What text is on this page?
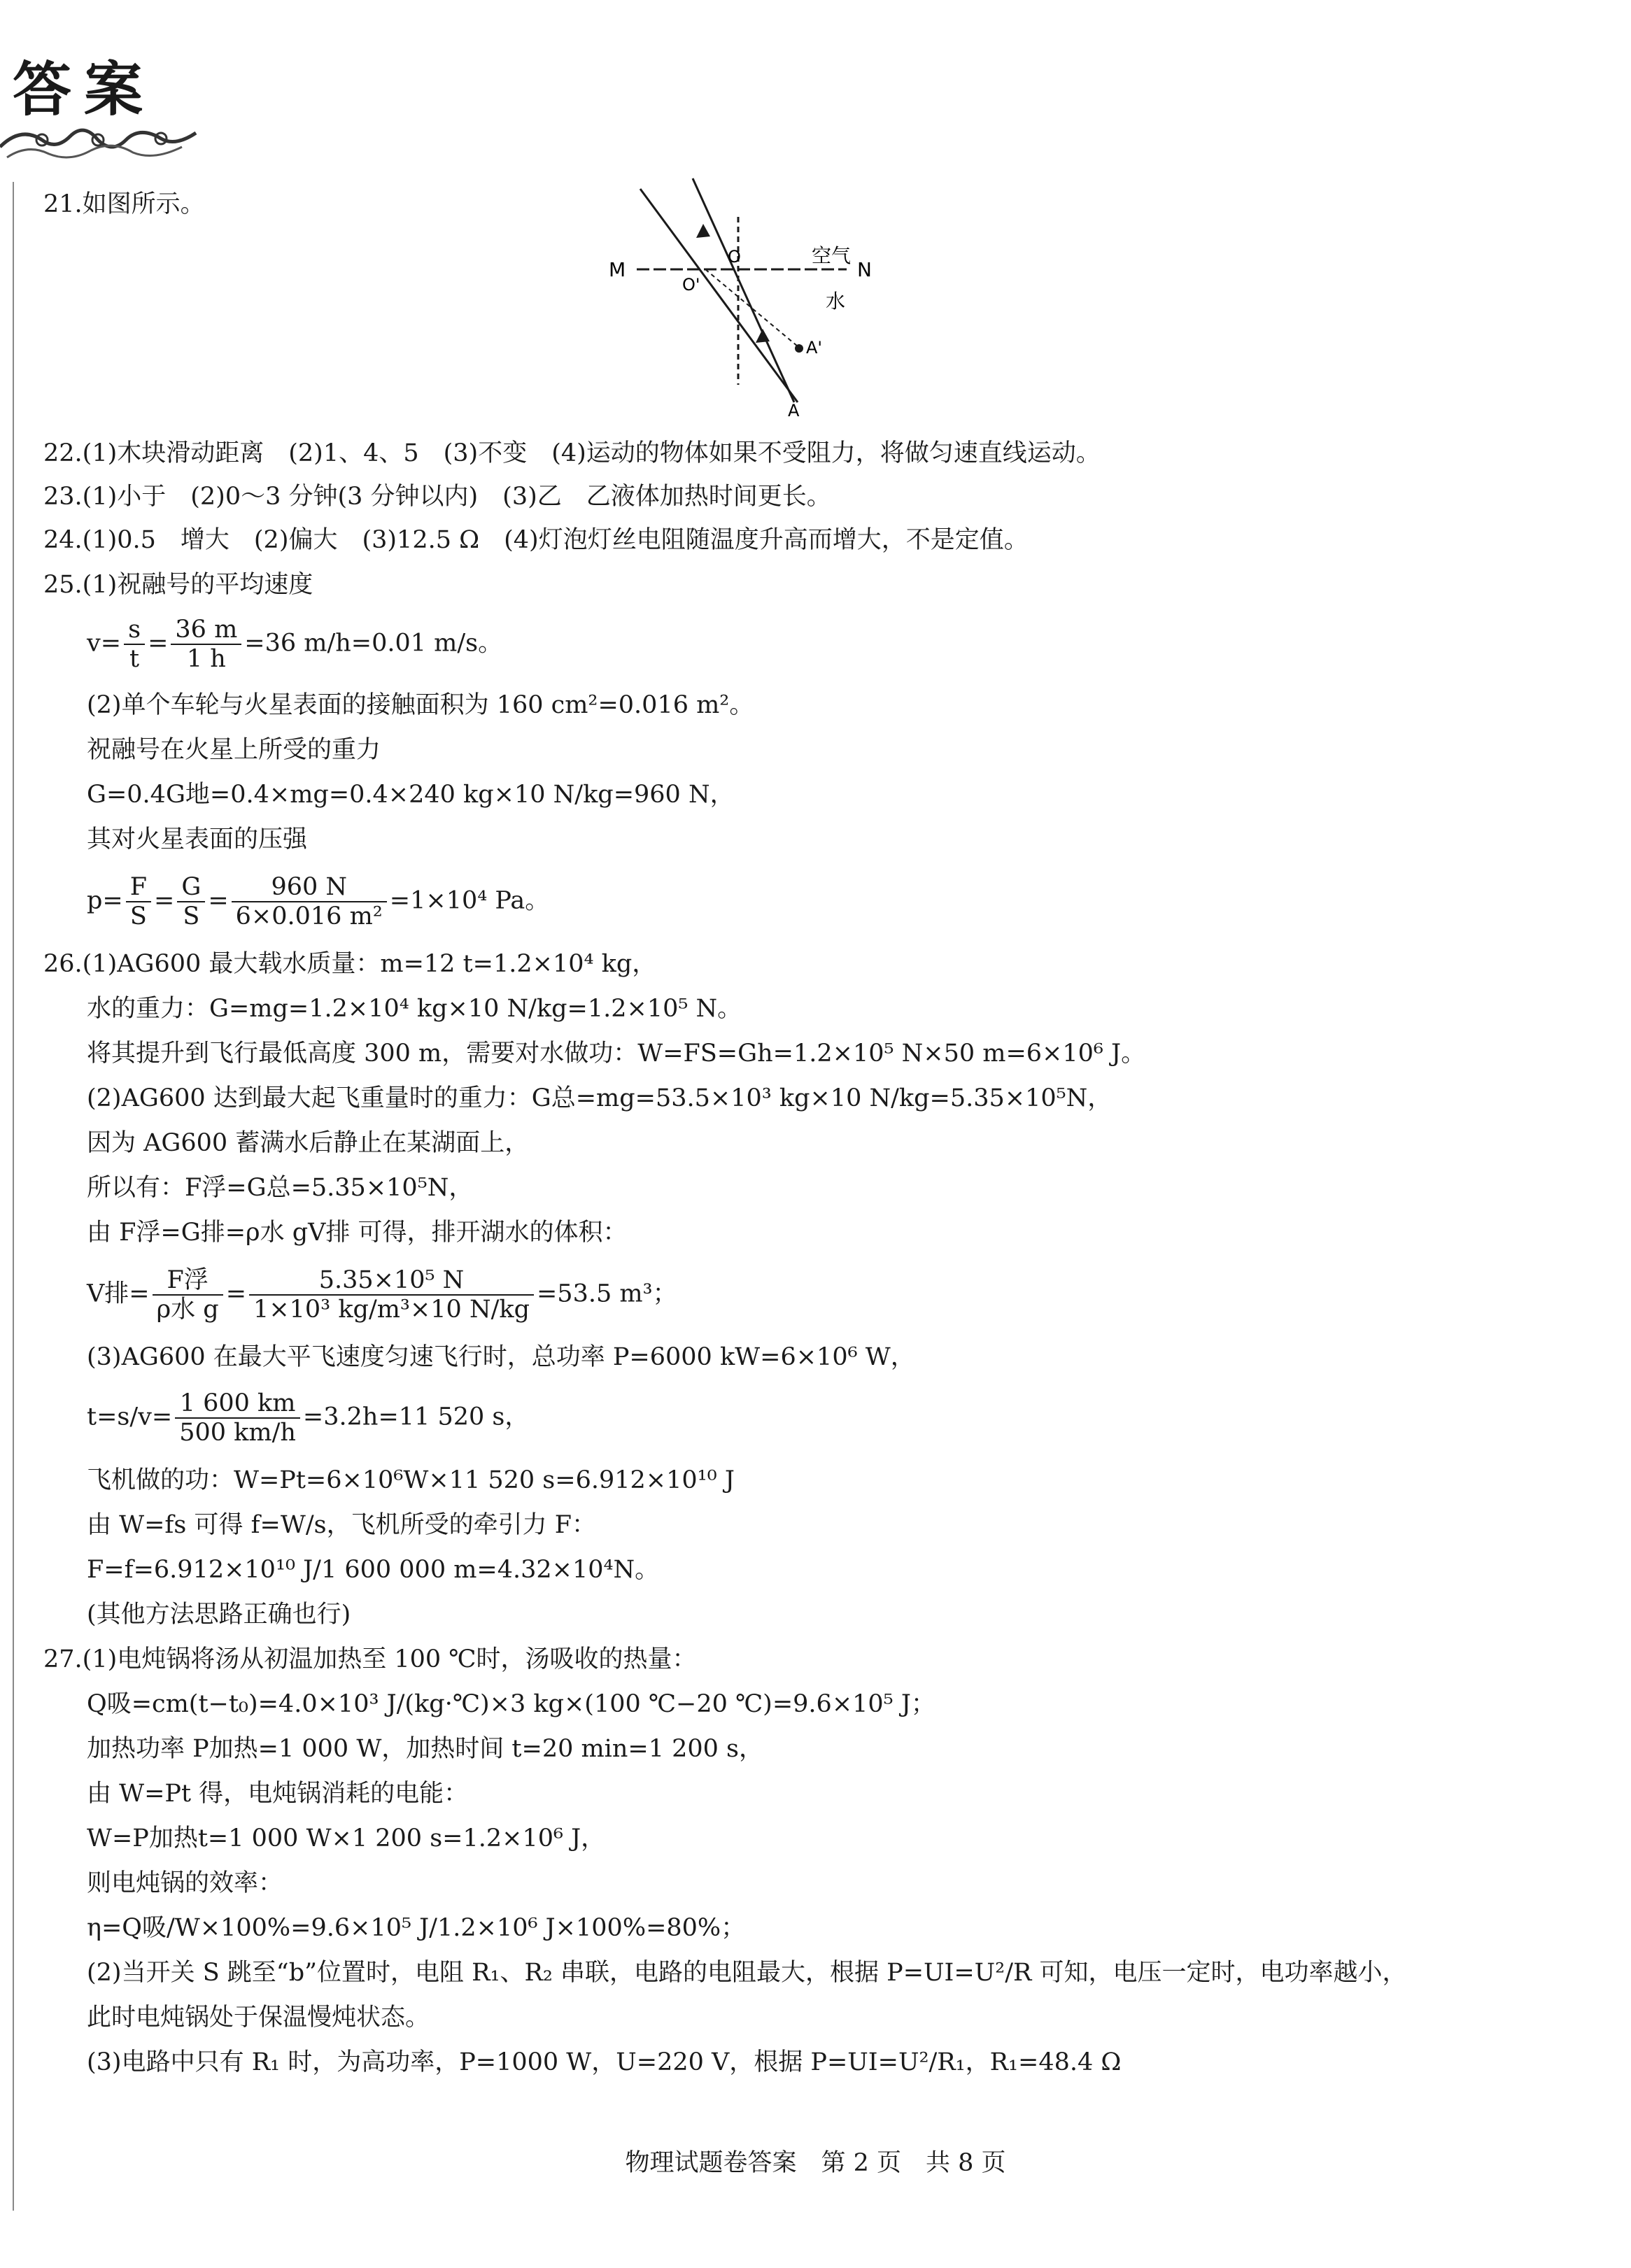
答案
M	N
O'
O	空气
水
A'
A
21.如图所示。
22.(1)木块滑动距离　(2)1、4、5　(3)不变　(4)运动的物体如果不受阻力，将做匀速直线运动。
23.(1)小于　(2)0～3 分钟(3 分钟以内)　(3)乙　乙液体加热时间更长。
24.(1)0.5　增大　(2)偏大　(3)12.5 Ω　(4)灯泡灯丝电阻随温度升高而增大，不是定值。
25.(1)祝融号的平均速度
$v= \frac{s}{t} = \frac{36 m}{1 h} =36$ m/h=0.01 m/s。
(2)单个车轮与火星表面的接触面积为 160 cm²=0.016 m²。
祝融号在火星上所受的重力
G=0.4G地=0.4×mg=0.4×240 kg×10 N/kg=960 N，
其对火星表面的压强
$p= \frac{F}{S} = \frac{G}{S} = \frac{960 N}{\text{6×0.016 m²}} =1\times 10^4$ Pa。
26.(1)AG600 最大载水质量：m=12 t=1.2×10⁴ kg，
水的重力：G=mg=1.2×10⁴ kg×10 N/kg=1.2×10⁵ N。
将其提升到飞行最低高度 300 m，需要对水做功：W=FS=Gh=1.2×10⁵ N×50 m=6×10⁶ J。
(2)AG600 达到最大起飞重量时的重力：G总=mg=53.5×10³ kg×10 N/kg=5.35×10⁵N，
因为 AG600 蓄满水后静止在某湖面上，
所以有：F浮=G总=5.35×10⁵N，
由 F浮=G排=ρ水 gV排 可得，排开湖水的体积：
V排= $\frac{\text{F浮}}{\text{ρ水 g}} = \frac{\text{5.35×10⁵ N}}{\text{1×10³ kg/m³×10 N/kg}} =53.5$ m³；
(3)AG600 在最大平飞速度匀速飞行时，总功率 P=6000 kW=6×10⁶ W，
$t=s/v= \frac{1 600 km}{500 km/h} =3.2h=11$ 520 s，
飞机做的功：W=Pt=6×10⁶W×11 520 s=6.912×10¹⁰ J
由 W=fs 可得 f=W/s，飞机所受的牵引力 F：
F=f=6.912×10¹⁰ J/1 600 000 m=4.32×10⁴N。
(其他方法思路正确也行)
27.(1)电炖锅将汤从初温加热至 100 ℃时，汤吸收的热量：
Q吸=cm(t−t₀)=4.0×10³ J/(kg·℃)×3 kg×(100 ℃−20 ℃)=9.6×10⁵ J；
加热功率 P加热=1 000 W，加热时间 t=20 min=1 200 s，
由 W=Pt 得，电炖锅消耗的电能：
W=P加热t=1 000 W×1 200 s=1.2×10⁶ J，
则电炖锅的效率：
η=Q吸/W×100%=9.6×10⁵ J/1.2×10⁶ J×100%=80%；
(2)当开关 S 跳至“b”位置时，电阻 R₁、R₂ 串联，电路的电阻最大，根据 P=UI=U²/R 可知，电压一定时，电功率越小，
此时电炖锅处于保温慢炖状态。
(3)电路中只有 R₁ 时，为高功率，P=1000 W，U=220 V，根据 P=UI=U²/R₁，R₁=48.4 Ω
物理试题卷答案　第 2 页　共 8 页
